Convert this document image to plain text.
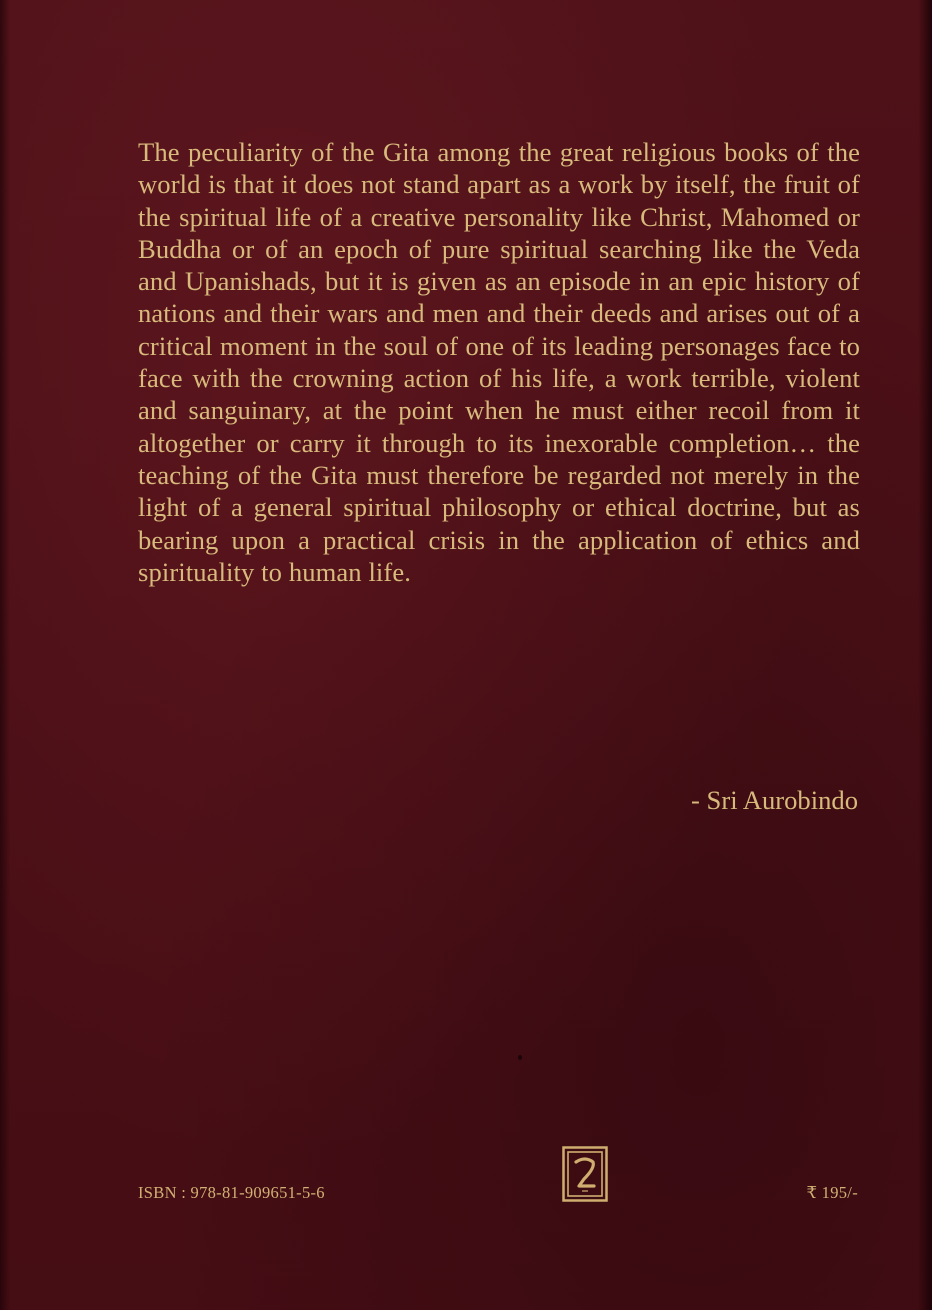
The peculiarity of the Gita among the great religious books of the world is that it does not stand apart as a work by itself, the fruit of the spiritual life of a creative personality like Christ, Mahomed or Buddha or of an epoch of pure spiritual searching like the Veda and Upanishads, but it is given as an episode in an epic history of nations and their wars and men and their deeds and arises out of a critical moment in the soul of one of its leading personages face to face with the crowning action of his life, a work terrible, violent and sanguinary, at the point when he must either recoil from it altogether or carry it through to its inexorable completion… the teaching of the Gita must therefore be regarded not merely in the light of a general spiritual philosophy or ethical doctrine, but as bearing upon a practical crisis in the application of ethics and spirituality to human life.

- Sri Aurobindo

ISBN : 978-81-909651-5-6	₹ 195/-
